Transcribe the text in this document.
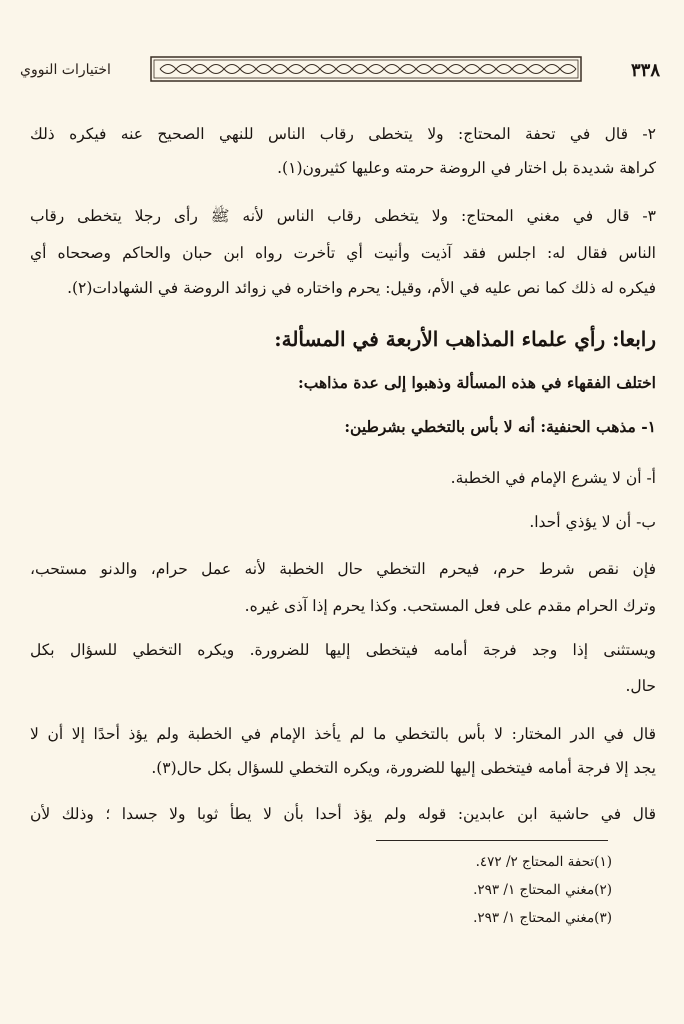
اختيارات النووي	٣٣٨
٢- قال في تحفة المحتاج: ولا يتخطى رقاب الناس للنهي الصحيح عنه فيكره ذلك
كراهة شديدة بل اختار في الروضة حرمته وعليها كثيرون(١).
٣- قال في مغني المحتاج: ولا يتخطى رقاب الناس لأنه ﷺ رأى رجلا يتخطى رقاب
الناس فقال له: اجلس فقد آذيت وأنيت أي تأخرت رواه ابن حبان والحاكم وصححاه أي
فيكره له ذلك كما نص عليه في الأم، وقيل: يحرم واختاره في زوائد الروضة في الشهادات(٢).
رابعا: رأي علماء المذاهب الأربعة في المسألة:
اختلف الفقهاء في هذه المسألة وذهبوا إلى عدة مذاهب:
١- مذهب الحنفية: أنه لا بأس بالتخطي بشرطين:
أ- أن لا يشرع الإمام في الخطبة.
ب- أن لا يؤذي أحدا.
فإن نقص شرط حرم، فيحرم التخطي حال الخطبة لأنه عمل حرام، والدنو مستحب،
وترك الحرام مقدم على فعل المستحب. وكذا يحرم إذا آذى غيره.
ويستثنى إذا وجد فرجة أمامه فيتخطى إليها للضرورة. ويكره التخطي للسؤال بكل
حال.
قال في الدر المختار: لا بأس بالتخطي ما لم يأخذ الإمام في الخطبة ولم يؤذ أحدًا إلا أن لا
يجد إلا فرجة أمامه فيتخطى إليها للضرورة، ويكره التخطي للسؤال بكل حال(٣).
قال في حاشية ابن عابدين: قوله ولم يؤذ أحدا بأن لا يطأ ثوبا ولا جسدا ؛ وذلك لأن
(١)تحفة المحتاج ٢/ ٤٧٢.
(٢)مغني المحتاج ١/ ٢٩٣.
(٣)مغني المحتاج ١/ ٢٩٣.
